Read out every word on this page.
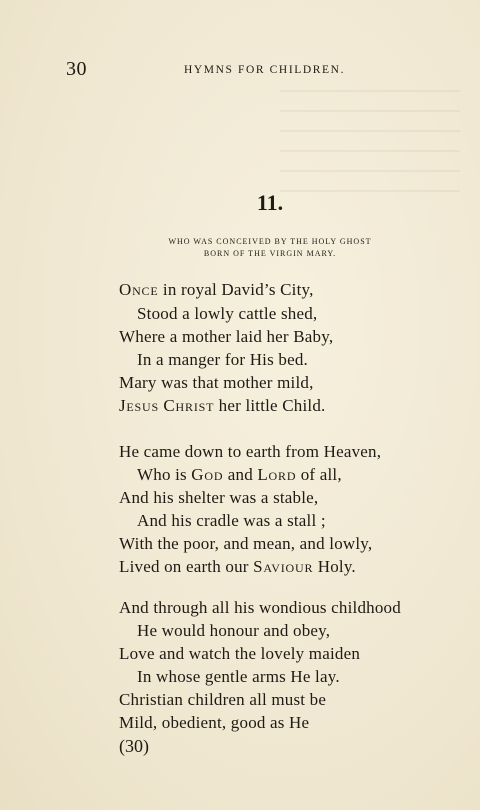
30	HYMNS FOR CHILDREN.
11.
WHO WAS CONCEIVED BY THE HOLY GHOST
BORN OF THE VIRGIN MARY.
Once in royal David’s City,
Stood a lowly cattle shed,
Where a mother laid her Baby,
In a manger for His bed.
Mary was that mother mild,
Jesus Christ her little Child.
He came down to earth from Heaven,
Who is God and Lord of all,
And his shelter was a stable,
And his cradle was a stall ;
With the poor, and mean, and lowly,
Lived on earth our Saviour Holy.
And through all his wondious childhood
He would honour and obey,
Love and watch the lovely maiden
In whose gentle arms He lay.
Christian children all must be
Mild, obedient, good as He
(30)
